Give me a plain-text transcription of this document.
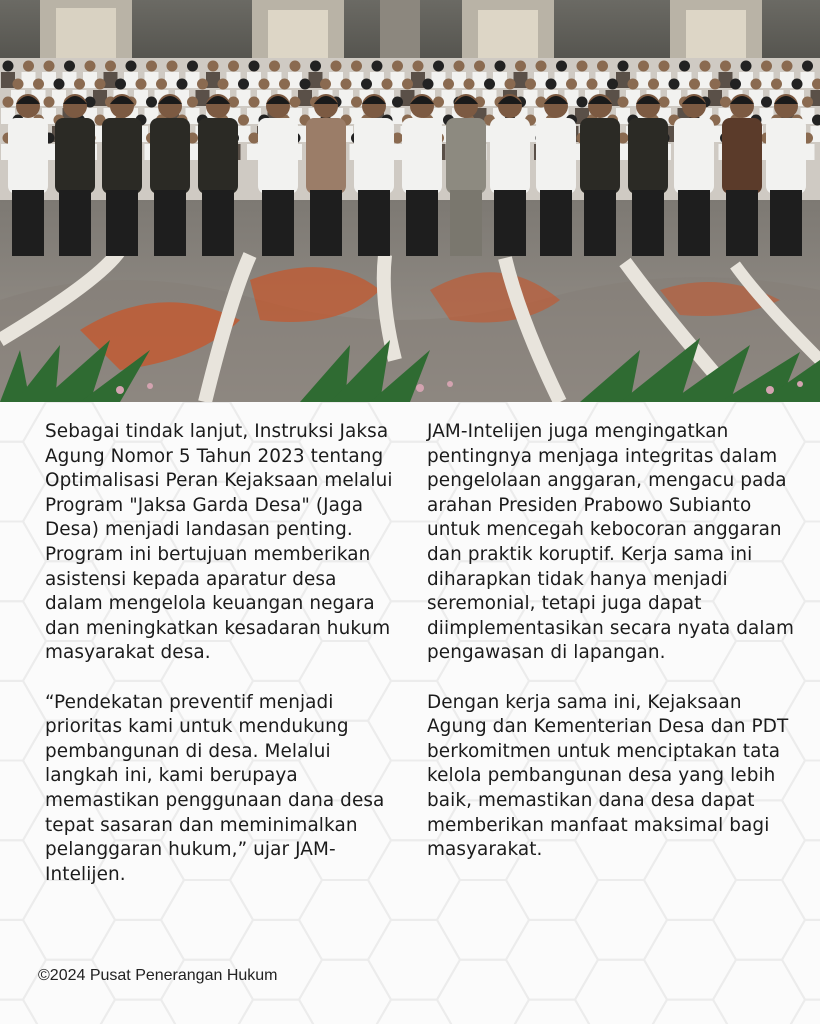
Sebagai tindak lanjut, Instruksi Jaksa Agung Nomor 5 Tahun 2023 tentang Optimalisasi Peran Kejaksaan melalui Program "Jaksa Garda Desa" (Jaga Desa) menjadi landasan penting. Program ini bertujuan memberikan asistensi kepada aparatur desa dalam mengelola keuangan negara dan meningkatkan kesadaran hukum masyarakat desa.

“Pendekatan preventif menjadi prioritas kami untuk mendukung pembangunan di desa. Melalui langkah ini, kami berupaya memastikan penggunaan dana desa tepat sasaran dan meminimalkan pelanggaran hukum,” ujar JAM-Intelijen.

JAM-Intelijen juga mengingatkan pentingnya menjaga integritas dalam pengelolaan anggaran, mengacu pada arahan Presiden Prabowo Subianto untuk mencegah kebocoran anggaran dan praktik koruptif. Kerja sama ini diharapkan tidak hanya menjadi seremonial, tetapi juga dapat diimplementasikan secara nyata dalam pengawasan di lapangan.

Dengan kerja sama ini, Kejaksaan Agung dan Kementerian Desa dan PDT berkomitmen untuk menciptakan tata kelola pembangunan desa yang lebih baik, memastikan dana desa dapat memberikan manfaat maksimal bagi masyarakat.

©2024 Pusat Penerangan Hukum
